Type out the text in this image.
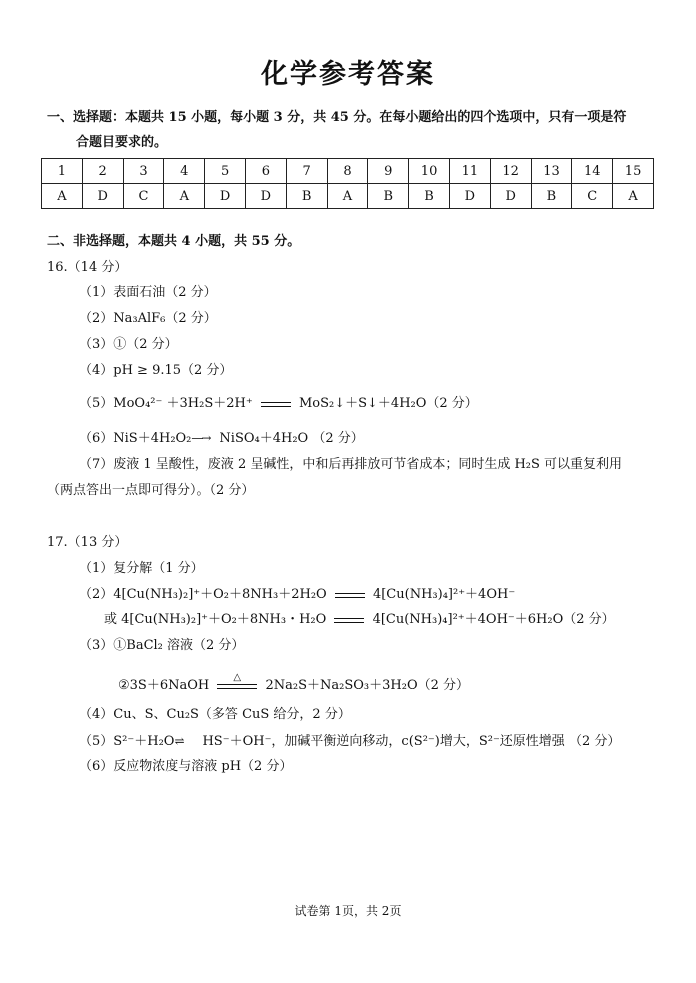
化学参考答案
一、选择题：本题共 15 小题，每小题 3 分，共 45 分。在每小题给出的四个选项中，只有一项是符
合题目要求的。
1	2	3	4	5	6	7	8	9	10	11	12	13	14	15
A	D	C	A	D	D	B	A	B	B	D	D	B	C	A
二、非选择题，本题共 4 小题，共 55 分。
16.（14 分）
（1）表面石油（2 分）
（2）Na₃AlF₆（2 分）
（3）①（2 分）
（4）pH ≥ 9.15（2 分）
（5）MoO₄²⁻ ＋3H₂S＋2H⁺	MoS₂↓＋S↓＋4H₂O（2 分）
（6）NiS＋4H₂O₂—→ NiSO₄＋4H₂O （2 分）
（7）废液 1 呈酸性，废液 2 呈碱性，中和后再排放可节省成本；同时生成 H₂S 可以重复利用
（两点答出一点即可得分）。（2 分）
17.（13 分）
（1）复分解（1 分）
（2）4[Cu(NH₃)₂]⁺＋O₂＋8NH₃＋2H₂O	4[Cu(NH₃)₄]²⁺＋4OH⁻
或 4[Cu(NH₃)₂]⁺＋O₂＋8NH₃・H₂O	4[Cu(NH₃)₄]²⁺＋4OH⁻＋6H₂O（2 分）
（3）①BaCl₂ 溶液（2 分）
②3S＋6NaOH
△
2Na₂S＋Na₂SO₃＋3H₂O（2 分）
（4）Cu、S、Cu₂S（多答 CuS 给分，2 分）
（5）S²⁻＋H₂O⇌ HS⁻＋OH⁻，加碱平衡逆向移动，c(S²⁻)增大，S²⁻还原性增强 （2 分）
（6）反应物浓度与溶液 pH（2 分）
试卷第 1页，共 2页
